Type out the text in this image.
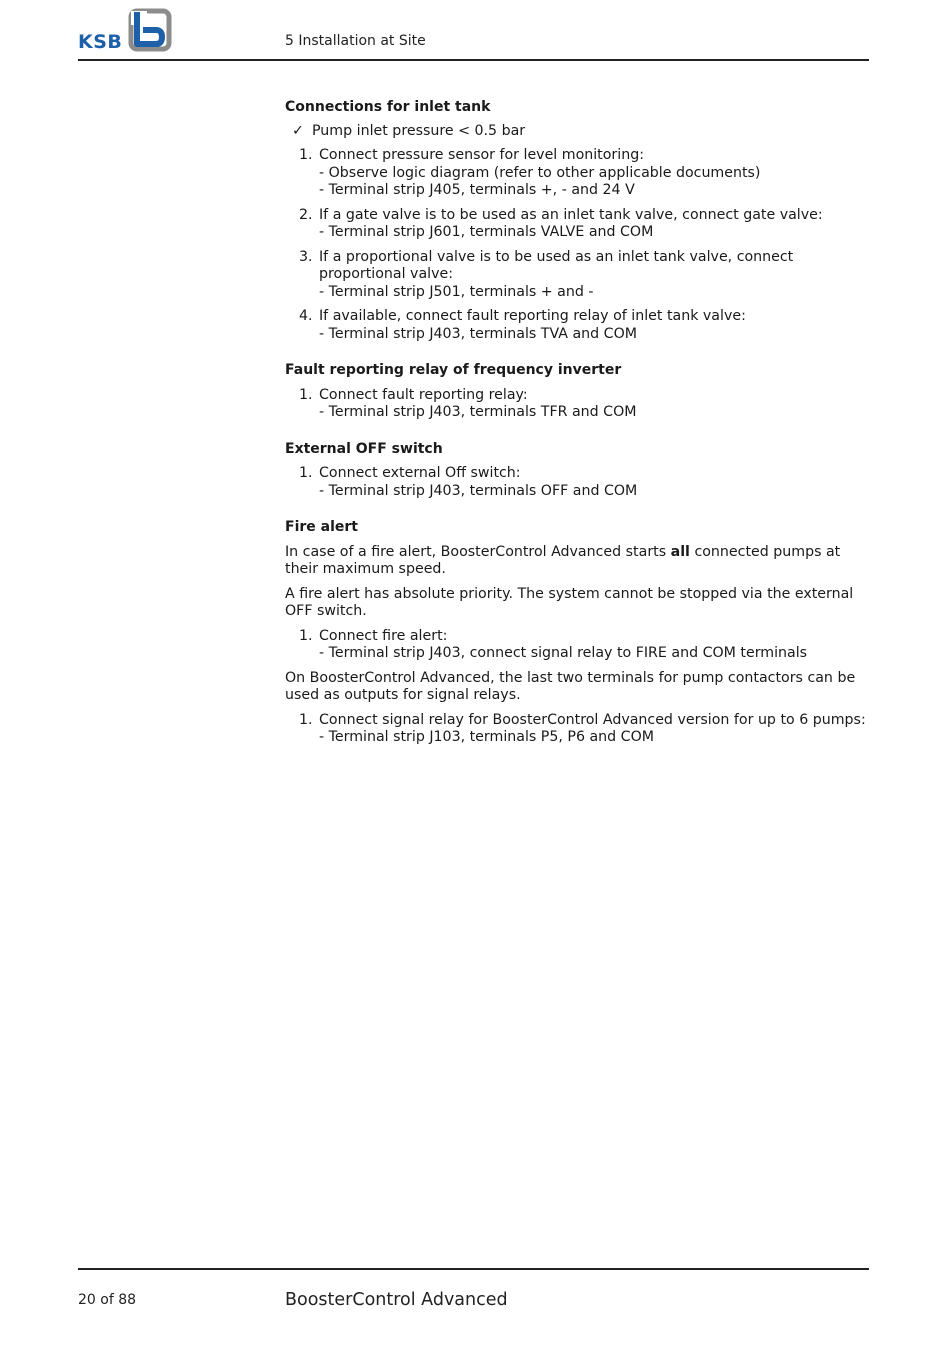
KSB	5 Installation at Site
Connections for inlet tank
✓ Pump inlet pressure < 0.5 bar
1. Connect pressure sensor for level monitoring:
- Observe logic diagram (refer to other applicable documents)
- Terminal strip J405, terminals +, - and 24 V
2. If a gate valve is to be used as an inlet tank valve, connect gate valve:
- Terminal strip J601, terminals VALVE and COM
3. If a proportional valve is to be used as an inlet tank valve, connect proportional valve:
- Terminal strip J501, terminals + and -
4. If available, connect fault reporting relay of inlet tank valve:
- Terminal strip J403, terminals TVA and COM
Fault reporting relay of frequency inverter
1. Connect fault reporting relay:
- Terminal strip J403, terminals TFR and COM
External OFF switch
1. Connect external Off switch:
- Terminal strip J403, terminals OFF and COM
Fire alert

In case of a fire alert, BoosterControl Advanced starts all connected pumps at their maximum speed.

A fire alert has absolute priority. The system cannot be stopped via the external OFF switch.

1. Connect fire alert:
- Terminal strip J403, connect signal relay to FIRE and COM terminals

On BoosterControl Advanced, the last two terminals for pump contactors can be used as outputs for signal relays.

1. Connect signal relay for BoosterControl Advanced version for up to 6 pumps:
- Terminal strip J103, terminals P5, P6 and COM
20 of 88	BoosterControl Advanced
